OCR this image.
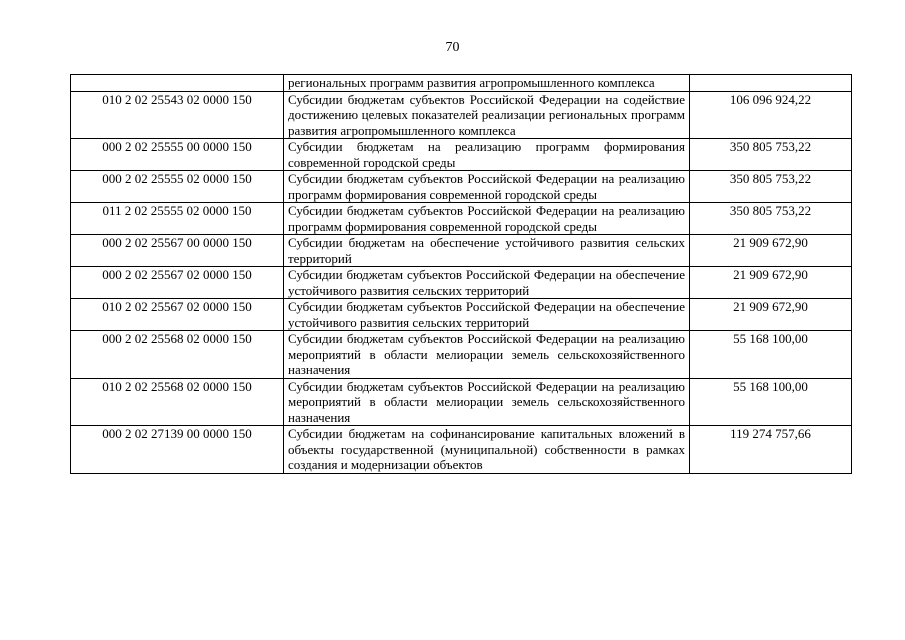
70
	региональных программ развития агропромышленного комплекса	
010 2 02 25543 02 0000 150	Субсидии бюджетам субъектов Российской Федерации на содействие достижению целевых показателей реализации региональных программ развития агропромышленного комплекса	106 096 924,22
000 2 02 25555 00 0000 150	Субсидии бюджетам на реализацию программ формирования современной городской среды	350 805 753,22
000 2 02 25555 02 0000 150	Субсидии бюджетам субъектов Российской Федерации на реализацию программ формирования современной городской среды	350 805 753,22
011 2 02 25555 02 0000 150	Субсидии бюджетам субъектов Российской Федерации на реализацию программ формирования современной городской среды	350 805 753,22
000 2 02 25567 00 0000 150	Субсидии бюджетам на обеспечение устойчивого развития сельских территорий	21 909 672,90
000 2 02 25567 02 0000 150	Субсидии бюджетам субъектов Российской Федерации на обеспечение устойчивого развития сельских территорий	21 909 672,90
010 2 02 25567 02 0000 150	Субсидии бюджетам субъектов Российской Федерации на обеспечение устойчивого развития сельских территорий	21 909 672,90
000 2 02 25568 02 0000 150	Субсидии бюджетам субъектов Российской Федерации на реализацию мероприятий в области мелиорации земель сельскохозяйственного назначения	55 168 100,00
010 2 02 25568 02 0000 150	Субсидии бюджетам субъектов Российской Федерации на реализацию мероприятий в области мелиорации земель сельскохозяйственного назначения	55 168 100,00
000 2 02 27139 00 0000 150	Субсидии бюджетам на софинансирование капитальных вложений в объекты государственной (муниципальной) собственности в рамках создания и модернизации объектов	119 274 757,66
